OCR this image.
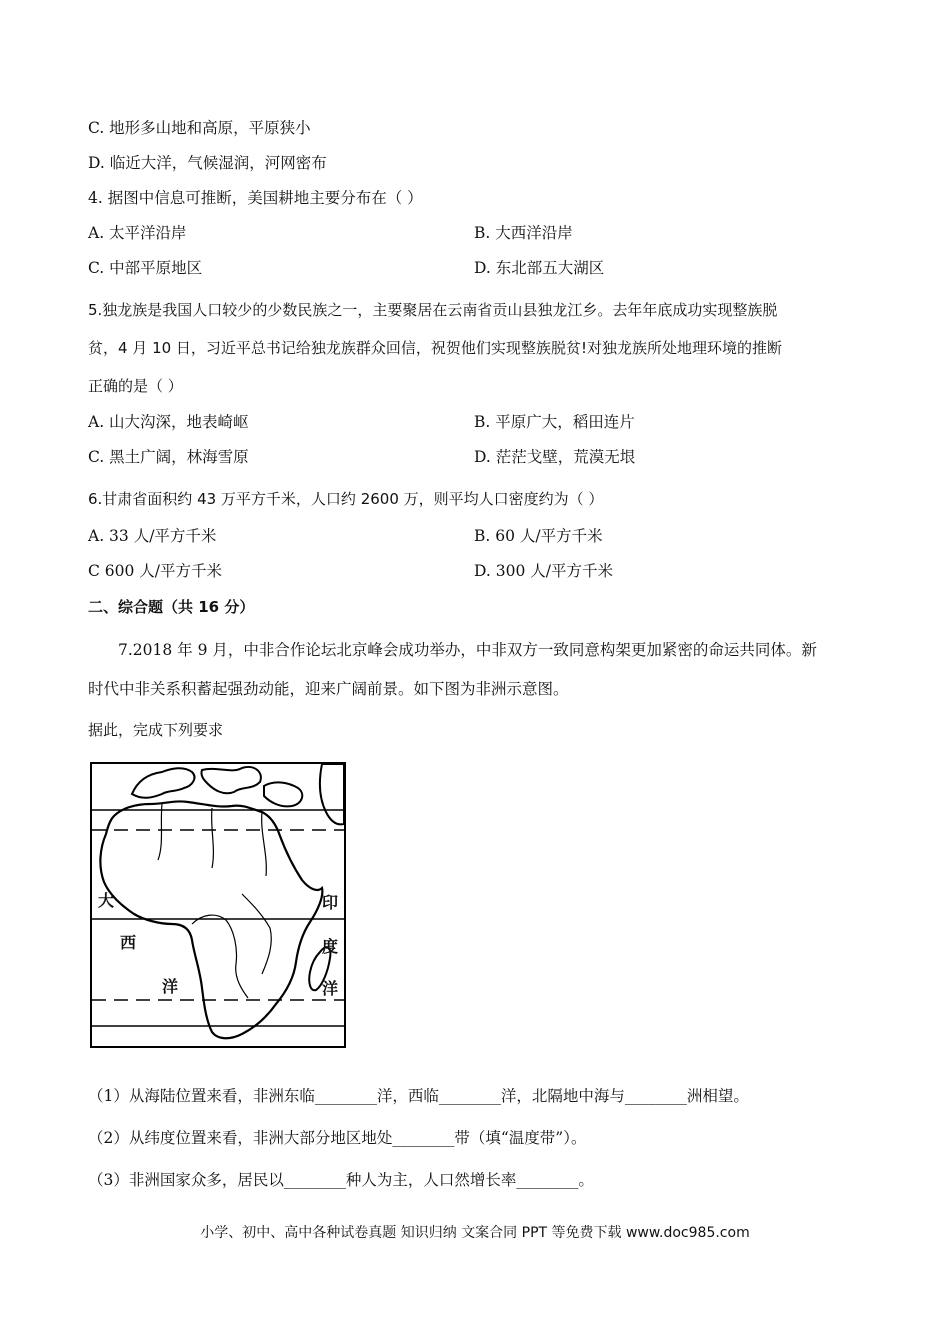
C. 地形多山地和高原，平原狭小
D. 临近大洋，气候湿润，河网密布
4. 据图中信息可推断，美国耕地主要分布在（ ）
A. 太平洋沿岸	B. 大西洋沿岸
C. 中部平原地区	D. 东北部五大湖区
5.独龙族是我国人口较少的少数民族之一，主要聚居在云南省贡山县独龙江乡。去年年底成功实现整族脱
贫，4 月 10 日，习近平总书记给独龙族群众回信，祝贺他们实现整族脱贫!对独龙族所处地理环境的推断
正确的是（ ）
A. 山大沟深，地表崎岖	B. 平原广大，稻田连片
C. 黑土广阔，林海雪原	D. 茫茫戈壁，荒漠无垠
6.甘肃省面积约 43 万平方千米，人口约 2600 万，则平均人口密度约为（ ）
A. 33 人/平方千米	B. 60 人/平方千米
C 600 人/平方千米	D. 300 人/平方千米
二、综合题（共 16 分）
7.2018 年 9 月，中非合作论坛北京峰会成功举办，中非双方一致同意构架更加紧密的命运共同体。新
时代中非关系积蓄起强劲动能，迎来广阔前景。如下图为非洲示意图。
据此，完成下列要求
大
西
洋
印
度
洋
（1）从海陆位置来看，非洲东临________洋，西临________洋，北隔地中海与________洲相望。
（2）从纬度位置来看，非洲大部分地区地处________带（填“温度带”）。
（3）非洲国家众多，居民以________种人为主，人口然增长率________。
小学、初中、高中各种试卷真题 知识归纳 文案合同 PPT 等免费下载 www.doc985.com
